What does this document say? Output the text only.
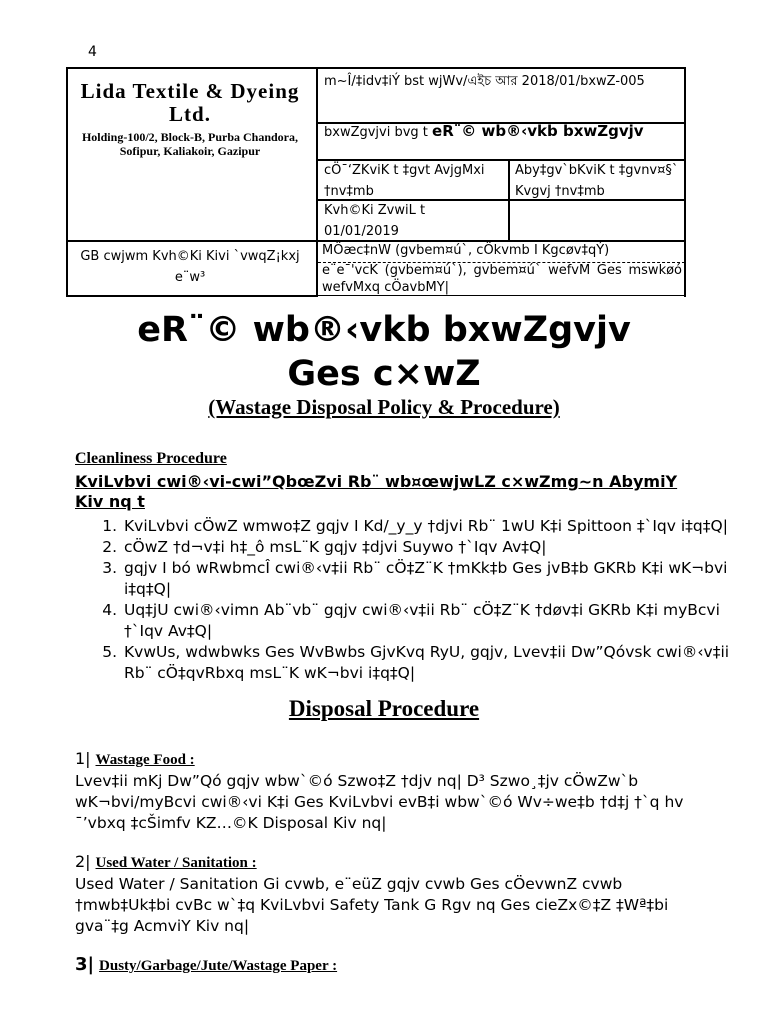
4
Lida Textile & Dyeing Ltd.
Holding-100/2, Block-B, Purba Chandora, Sofipur, Kaliakoir, Gazipur
m~Î/‡idv‡iÝ bst wjWv/এইচ আর 2018/01/bxwZ-005
bxwZgvjvi bvg t eR¨© wb®‹vkb bxwZgvjv
cÖ¯‘ZKviK t ‡gvt AvjgMxi †nv‡mb
Aby‡gv`bKviK t ‡gvnv¤§` Kvgvj †nv‡mb
Kvh©Ki ZvwiL t 01/01/2019
GB cwjwm Kvh©Ki Kivi `vwqZ¡kxj e¨w³
MÖæc‡nW (gvbem¤ú`, cÖkvmb I Kgcøv‡qÝ)
e¨e¯'vcK (gvbem¤ú`), gvbem¤ú` wefvM Ges mswkøó wefvMxq cÖavbMY|
eR¨© wb®‹vkb bxwZgvjv
Ges c×wZ
(Wastage Disposal Policy & Procedure)
Cleanliness Procedure
KviLvbvi cwi®‹vi-cwi”QbœZvi Rb¨ wb¤œwjwLZ c×wZmg~n AbymiY Kiv nq t
1. KviLvbvi cÖwZ wmwo‡Z gqjv I Kd/_y_y †djvi Rb¨ 1wU K‡i Spittoon ‡`Iqv i‡q‡Q|
2. cÖwZ †d¬v‡i h‡_ô msL¨K gqjv ‡djvi Suywo †`Iqv Av‡Q|
3. gqjv I bó wRwbmcÎ cwi®‹v‡ii Rb¨ cÖ‡Z¨K †mKk‡b Ges jvB‡b GKRb K‡i wK¬bvi i‡q‡Q|
4. Uq‡jU cwi®‹vimn Ab¨vb¨ gqjv cwi®‹v‡ii Rb¨ cÖ‡Z¨K †døv‡i GKRb K‡i myBcvi †`Iqv Av‡Q|
5. KvwUs, wdwbwks Ges WvBwbs GjvKvq RyU, gqjv, Lvev‡ii Dw”Qóvsk cwi®‹v‡ii Rb¨ cÖ‡qvRbxq msL¨K wK¬bvi i‡q‡Q|
Disposal Procedure
1| Wastage Food :
Lvev‡ii mKj Dw”Qó gqjv wbw`©ó Szwo‡Z †djv nq| D³ Szwo¸‡jv cÖwZw`b wK¬bvi/myBcvi cwi®‹vi K‡i Ges KviLvbvi evB‡i wbw`©ó Wv÷we‡b †d‡j †`q hv ¯’vbxq ‡cŠimfv KZ…©K Disposal Kiv nq|
2| Used Water / Sanitation :
Used Water / Sanitation Gi cvwb, e¨eüZ gqjv cvwb Ges cÖevwnZ cvwb †mwb‡Uk‡bi cvBc w`‡q KviLvbvi Safety Tank G Rgv nq Ges cieZx©‡Z ‡Wª‡bi gva¨‡g AcmviY Kiv nq|
3| Dusty/Garbage/Jute/Wastage Paper :
